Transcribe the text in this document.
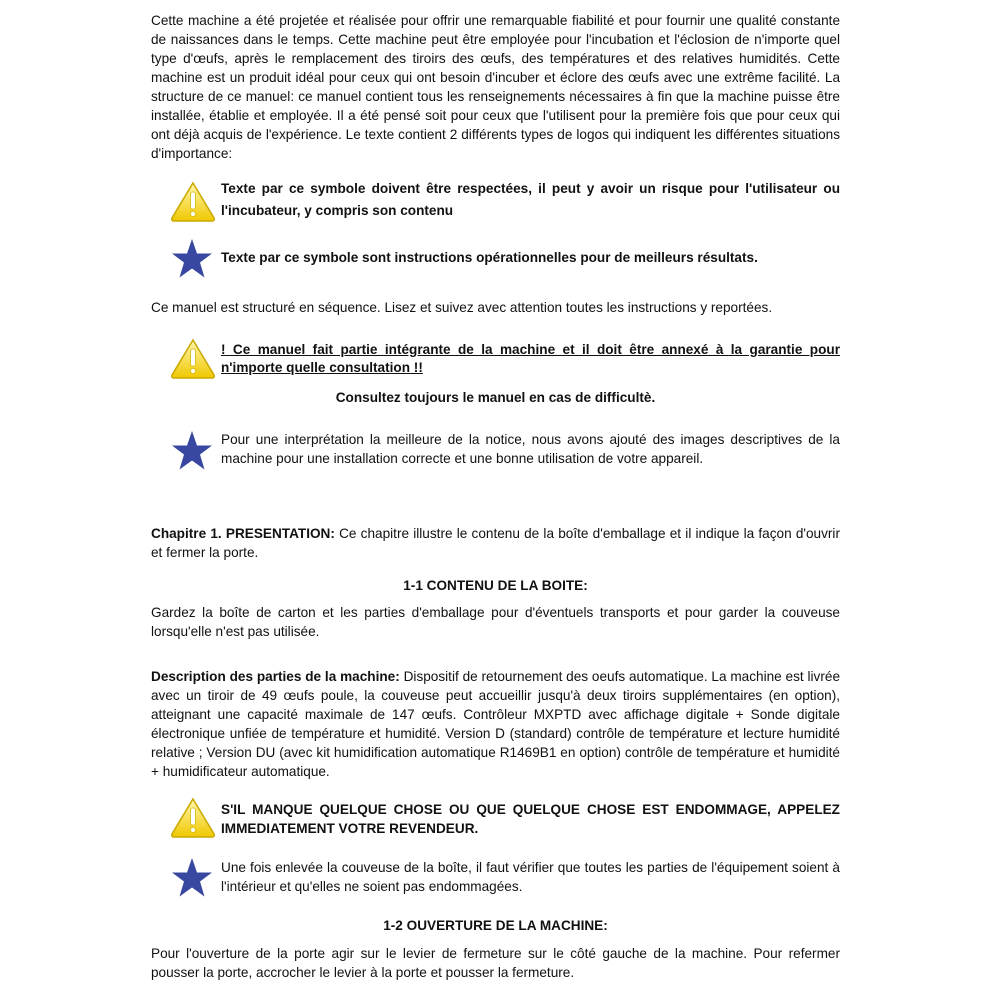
Cette machine a été projetée et réalisée pour offrir une remarquable fiabilité et pour fournir une qualité constante de naissances dans le temps. Cette machine peut être employée pour l'incubation et l'éclosion de n'importe quel type d'œufs, après le remplacement des tiroirs des œufs, des températures et des relatives humidités. Cette machine est un produit idéal pour ceux qui ont besoin d'incuber et éclore des œufs avec une extrême facilité. La structure de ce manuel: ce manuel contient tous les renseignements nécessaires à fin que la machine puisse être installée, établie et employée. Il a été pensé soit pour ceux que l'utilisent pour la première fois que pour ceux qui ont déjà acquis de l'expérience. Le texte contient 2 différents types de logos qui indiquent les différentes situations d'importance:

Texte par ce symbole doivent être respectées, il peut y avoir un risque pour l'utilisateur ou l'incubateur, y compris son contenu

Texte par ce symbole sont instructions opérationnelles pour de meilleurs résultats.

Ce manuel est structuré en séquence. Lisez et suivez avec attention toutes les instructions y reportées.

! Ce manuel fait partie intégrante de la machine et il doit être annexé à la garantie pour n'importe quelle consultation !!

Consultez toujours le manuel en cas de difficultè.

Pour une interprétation la meilleure de la notice, nous avons ajouté des images descriptives de la machine pour une installation correcte et une bonne utilisation de votre appareil.

Chapitre 1. PRESENTATION: Ce chapitre illustre le contenu de la boîte d'emballage et il indique la façon d'ouvrir et fermer la porte.

1-1 CONTENU DE LA BOITE:

Gardez la boîte de carton et les parties d'emballage pour d'éventuels transports et pour garder la couveuse lorsqu'elle n'est pas utilisée.

Description des parties de la machine: Dispositif de retournement des oeufs automatique. La machine est livrée avec un tiroir de 49 œufs poule, la couveuse peut accueillir jusqu'à deux tiroirs supplémentaires (en option), atteignant une capacité maximale de 147 œufs. Contrôleur MXPTD avec affichage digitale + Sonde digitale électronique unfiée de température et humidité. Version D (standard) contrôle de température et lecture humidité relative ; Version DU (avec kit humidification automatique R1469B1 en option) contrôle de température et humidité + humidificateur automatique.

S'IL MANQUE QUELQUE CHOSE OU QUE QUELQUE CHOSE EST ENDOMMAGE, APPELEZ IMMEDIATEMENT VOTRE REVENDEUR.

Une fois enlevée la couveuse de la boîte, il faut vérifier que toutes les parties de l'équipement soient à l'intérieur et qu'elles ne soient pas endommagées.

1-2 OUVERTURE DE LA MACHINE:

Pour l'ouverture de la porte agir sur le levier de fermeture sur le côté gauche de la machine. Pour refermer pousser la porte, accrocher le levier à la porte et pousser la fermeture.
